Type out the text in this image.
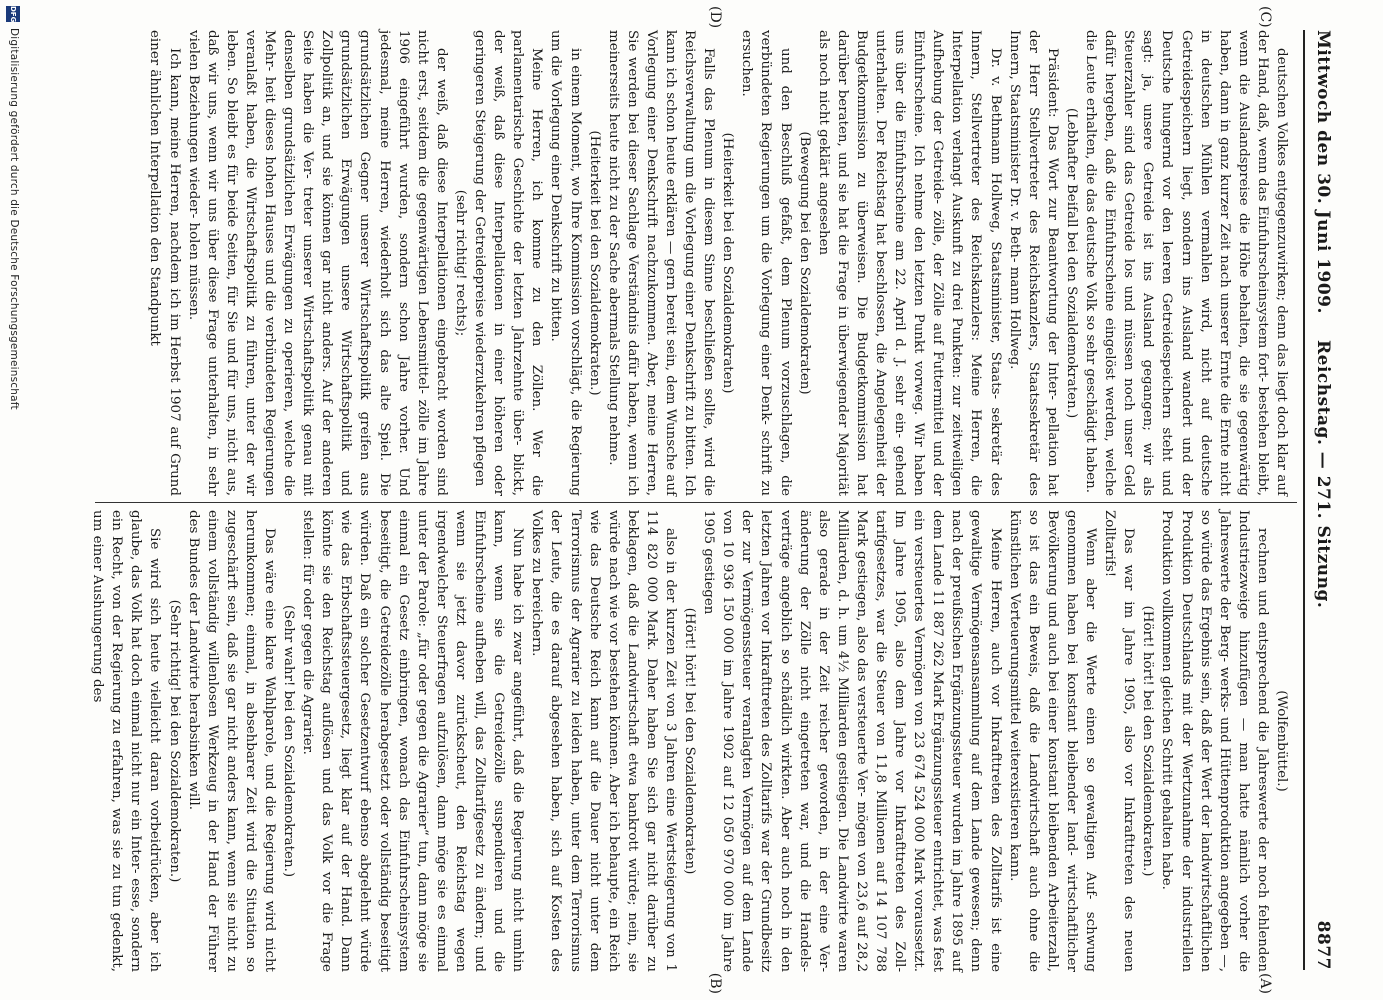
Mittwoch den 30. Juni 1909.
Reichstag. — 271. Sitzung.
8877
(C)
(D)
(A)
(B)

deutschen Volkes entgegenzuwirken; denn das liegt doch klar auf der Hand, daß, wenn das Einfuhrscheinsystem fort- bestehen bleibt, wenn die Auslandspreise die Höhe behalten, die sie gegenwärtig haben, dann in ganz kurzer Zeit nach unserer Ernte die Ernte nicht in deutschen Mühlen vermahlen wird, nicht auf deutsche Getreidespeichern liegt, sondern ins Ausland wandert und der Deutsche hungernd vor den leeren Getreidespeichern steht und sagt: ja, unsere Getreide ist ins Ausland gegangen; wir als Steuerzahler sind das Getreide los und müssen noch unser Geld dafür hergeben, daß die Einfuhrscheine eingelöst werden, welche die Leute erhalten, die das deutsche Volk so sehr geschädigt haben.

(Lebhafter Beifall bei den Sozialdemokraten.)

Präsident: Das Wort zur Beantwortung der Inter- pellation hat der Herr Stellvertreter des Reichskanzlers, Staatssekretär des Innern, Staatsminister Dr. v. Beth- mann Hollweg.

Dr. v. Bethmann Hollweg, Staatsminister, Staats- sekretär des Innern, Stellvertreter des Reichskanzlers: Meine Herren, die Interpellation verlangt Auskunft zu drei Punkten: zur zeitweiligen Aufhebung der Getreide- zölle, der Zölle auf Futtermittel und der Einfuhrscheine. Ich nehme den letzten Punkt vorweg. Wir haben uns über die Einfuhrscheine am 22. April d. J. sehr ein- gehend unterhalten. Der Reichstag hat beschlossen, die Angelegenheit der Budgetkommission zu überweisen. Die Budgetkommission hat darüber beraten, und sie hat die Frage in überwiegender Majorität als noch nicht geklärt angesehen

(Bewegung bei den Sozialdemokraten)

und den Beschluß gefaßt, dem Plenum vorzuschlagen, die verbündeten Regierungen um die Vorlegung einer Denk- schrift zu ersuchen.

(Heiterkeit bei den Sozialdemokraten)

Falls das Plenum in diesem Sinne beschließen sollte, wird die Reichsverwaltung um die Vorlegung einer Denkschrift zu bitten. Ich kann ich schon heute erklären — gern bereit sein, dem Wunsche auf Vorlegung einer Denkschrift nachzukommen. Aber, meine Herren, Sie werden bei dieser Sachlage Verständnis dafür haben, wenn ich meinerseits heute nicht zu der Sache abermals Stellung nehme.

(Heiterkeit bei den Sozialdemokraten.)

in einem Moment, wo Ihre Kommission vorschlägt, die Regierung um die Vorlegung einer Denkschrift zu bitten.

Meine Herren, ich komme zu den Zöllen. Wer die parlamentarische Geschichte der letzten Jahrzehnte über- blickt, der weiß, daß diese Interpellationen in einer höheren oder geringeren Steigerung der Getreidepreise wiederzukehren pflegen

(sehr richtig! rechts);

der weiß, daß diese Interpellationen eingebracht worden sind nicht erst, seitdem die gegenwärtigen Lebensmittel- zölle im Jahre 1906 eingeführt wurden, sondern schon Jahre vorher. Und jedesmal, meine Herren, wiederholt sich das alte Spiel. Die grundsätzlichen Gegner unserer Wirtschaftspolitik greifen aus grundsätzlichen Erwägungen unsere Wirtschaftspolitik und Zollpolitik an, und sie können gar nicht anders. Auf der anderen Seite haben die Ver- treter unserer Wirtschaftspolitik genau mit denselben grundsätzlichen Erwägungen zu operieren, welche die Mehr- heit dieses hohen Hauses und die verbündeten Regierungen veranlaßt haben, die Wirtschaftspolitik zu führen, unter der wir leben. So bleibt es für beide Seiten, für Sie und für uns, nicht aus, daß wir uns, wenn wir uns über diese Frage unterhalten, in sehr vielen Beziehungen wieder- holen müssen.

Ich kann, meine Herren, nachdem ich im Herbst 1907 auf Grund einer ähnlichen Interpellation den Standpunkt

(Wolfenbüttel.)

rechnen und entsprechend die Jahreswerte der noch fehlenden Industriezweige hinzufügen — man hatte nämlich vorher die Jahreswerte der Berg- werks- und Hüttenproduktion angegeben —, so würde das Ergebnis sein, daß der Wert der landwirtschaftlichen Produktion Deutschlands mit der Wertzunahme der industriellen Produktion vollkommen gleichen Schritt gehalten habe.

(Hört! hört! bei den Sozialdemokraten.)

Das war im Jahre 1905, also vor Inkrafttreten des neuen Zolltarifs!

Wenn aber die Werte einen so gewaltigen Auf- schwung genommen haben bei konstant bleibender land- wirtschaftlicher Bevölkerung und auch bei einer konstant bleibenden Arbeiterzahl, so ist das ein Beweis, daß die Landwirtschaft auch ohne die künstlichen Verteuerungsmittel weiterexistieren kann.

Meine Herren, auch vor Inkrafttreten des Zolltarifs ist eine gewaltige Vermögensansammlung auf dem Lande gewesen; denn nach der preußischen Ergänzungssteuer wurden im Jahre 1895 auf dem Lande 11 887 262 Mark Ergänzungssteuer entrichtet, was fest ein versteuertes Vermögen von 23 674 524 000 Mark voraussetzt. Im Jahre 1905, also dem Jahre vor Inkrafttreten des Zoll- tarifgesetzes, war die Steuer von 11,8 Millionen auf 14 107 788 Mark gestiegen, also das versteuerte Ver- mögen von 23,6 auf 28,2 Milliarden, d. h. um 4½ Milliarden gestiegen. Die Landwirte waren also gerade in der Zeit reicher geworden, in der eine Ver- änderung der Zölle nicht eingetreten war, und die Handels- verträge angeblich so schädlich wirkten. Aber auch noch in den letzten Jahren vor Inkrafttreten des Zolltarifs war der Grundbesitz der zur Vermögenssteuer veranlagten Vermögen auf dem Lande von 10 936 150 000 im Jahre 1902 auf 12 050 970 000 im Jahre 1905 gestiegen

(Hört! hört! bei den Sozialdemokraten)

also in der kurzen Zeit von 3 Jahren eine Wertsteigerung von 1 114 820 000 Mark. Daher haben Sie sich gar nicht darüber zu beklagen, daß die Landwirtschaft etwa bankrott würde; nein, sie würde nach wie vor bestehen können. Aber ich behaupte, ein Reich wie das Deutsche Reich kann auf die Dauer nicht unter dem Terrorismus der Agrarier zu leiden haben, unter dem Terrorismus der Leute, die es darauf abgesehen haben, sich auf Kosten des Volkes zu bereichern.

Nun habe ich zwar angeführt, daß die Regierung nicht umhin kann, wenn sie die Getreidezölle suspendieren und die Einfuhrscheine aufheben will, das Zolltarifgesetz zu ändern; und wenn sie jetzt davor zurückscheut, den Reichstag wegen irgendwelcher Steuerfragen aufzulösen, dann möge sie es einmal unter der Parole: „für oder gegen die Agrarier“ tun, dann möge sie einmal ein Gesetz einbringen, wonach das Einfuhrscheinsystem beseitigt, die Getreidezölle herabgesetzt oder vollständig beseitigt würden. Daß ein solcher Gesetzentwurf ebenso abgelehnt würde wie das Erbschaftssteuergesetz, liegt klar auf der Hand. Dann könnte sie den Reichstag auflösen und das Volk vor die Frage stellen: für oder gegen die Agrarier.

(Sehr wahr! bei den Sozialdemokraten.)

Das wäre eine klare Wahlparole, und die Regierung wird nicht herumkommen; einmal, in absehbarer Zeit wird die Situation so zugeschärft sein, daß sie gar nicht anders kann, wenn sie nicht zu einem vollständig willenlosen Werkzeug in der Hand der Führer des Bundes der Landwirte herabsinken will.

(Sehr richtig! bei den Sozialdemokraten.)

Sie wird sich heute vielleicht daran vorbeidrücken, aber ich glaube, das Volk hat doch einmal nicht nur ein Inter- esse, sondern ein Recht, von der Regierung zu erfahren, was sie zu tun gedenkt, um einer Aushungerung des

DFG
Digitalisierung gefördert durch die Deutsche Forschungsgemeinschaft
